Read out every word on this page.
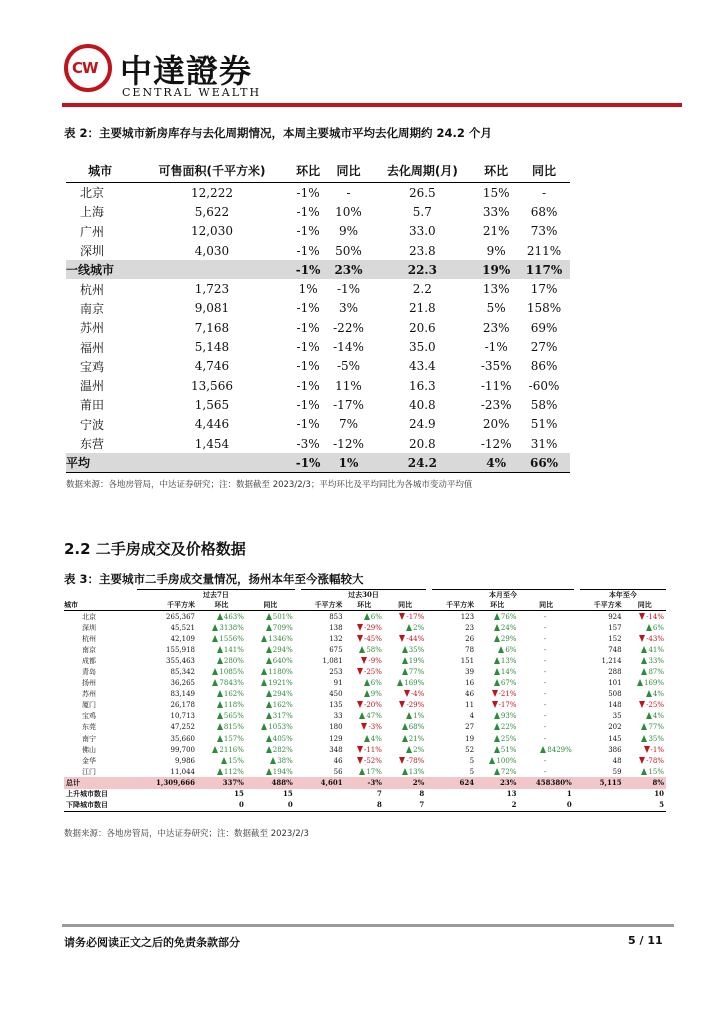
CW 中達證券
CENTRAL WEALTH
表 2：主要城市新房库存与去化周期情况，本周主要城市平均去化周期约 24.2 个月
城市	可售面积(千平方米)	环比	同比	去化周期(月)	环比	同比
北京	12,222	-1%	-	26.5	15%	-
上海	5,622	-1%	10%	5.7	33%	68%
广州	12,030	-1%	9%	33.0	21%	73%
深圳	4,030	-1%	50%	23.8	9%	211%
一线城市		-1%	23%	22.3	19%	117%
杭州	1,723	1%	-1%	2.2	13%	17%
南京	9,081	-1%	3%	21.8	5%	158%
苏州	7,168	-1%	-22%	20.6	23%	69%
福州	5,148	-1%	-14%	35.0	-1%	27%
宝鸡	4,746	-1%	-5%	43.4	-35%	86%
温州	13,566	-1%	11%	16.3	-11%	-60%
莆田	1,565	-1%	-17%	40.8	-23%	58%
宁波	4,446	-1%	7%	24.9	20%	51%
东营	1,454	-3%	-12%	20.8	-12%	31%
平均		-1%	1%	24.2	4%	66%
数据来源：各地房管局，中达证券研究；注：数据截至 2023/2/3；平均环比及平均同比为各城市变动平均值
2.2 二手房成交及价格数据
表 3：主要城市二手房成交量情况，扬州本年至今涨幅较大
		过去7日				过去30日				本月至今				本年至今	
城市		千平方米	环比	同比		千平方米	环比	同比		千平方米	环比	同比		千平方米	同比
北京		265,367	463%	501%		853	6%	-17%		123	76%	-		924	-14%
深圳		45,521	3138%	709%		138	-29%	2%		23	24%	-		157	6%
杭州		42,109	1556%	1346%		132	-45%	-44%		26	29%	-		152	-43%
南京		155,918	141%	294%		675	58%	35%		78	6%	-		748	41%
成都		355,463	280%	640%		1,081	-9%	19%		151	13%	-		1,214	33%
青岛		85,342	1085%	1180%		253	-25%	77%		39	14%	-		288	87%
扬州		36,265	7843%	1921%		91	6%	169%		16	67%	-		101	169%
苏州		83,149	162%	294%		450	9%	-4%		46	-21%	-		508	4%
厦门		26,178	118%	162%		135	-20%	-29%		11	-17%	-		148	-25%
宝鸡		10,713	565%	317%		33	47%	1%		4	93%	-		35	4%
东莞		47,252	815%	1053%		180	-3%	68%		27	22%	-		202	77%
南宁		35,660	157%	405%		129	4%	21%		19	25%	-		145	35%
佛山		99,700	2116%	282%		348	-11%	2%		52	51%	8429%		386	-1%
金华		9,986	15%	38%		46	-52%	-78%		5	100%	-		48	-78%
江门		11,044	112%	194%		56	17%	13%		5	72%	-		59	15%
总计		1,309,666	337%	488%		4,601	-3%	2%		624	23%	458380%		5,115	8%
上升城市数目			15	15			7	8			13	1			10
下降城市数目			0	0			8	7			2	0			5
数据来源：各地房管局，中达证券研究；注：数据截至 2023/2/3
请务必阅读正文之后的免责条款部分	5 / 11
